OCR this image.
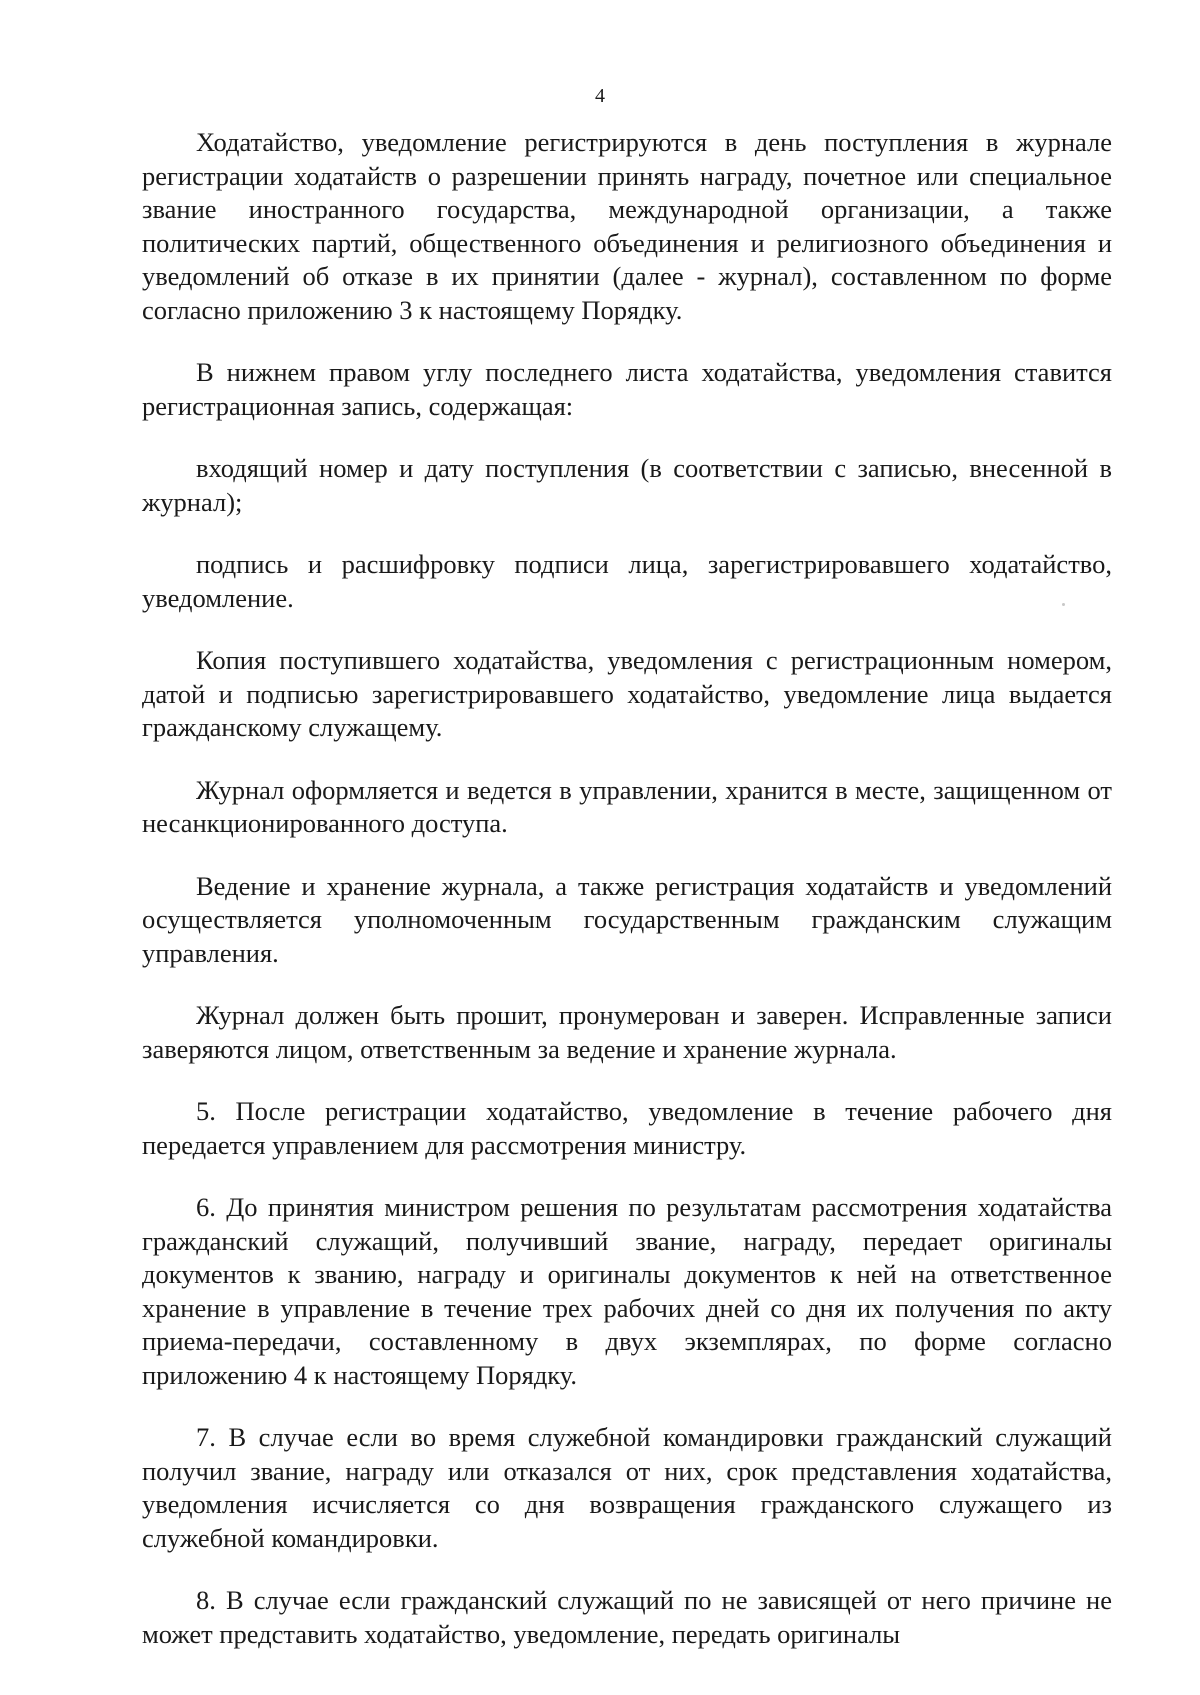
4

Ходатайство, уведомление регистрируются в день поступления в журнале регистрации ходатайств о разрешении принять награду, почетное или специальное звание иностранного государства, международной организации, а также политических партий, общественного объединения и религиозного объединения и уведомлений об отказе в их принятии (далее - журнал), составленном по форме согласно приложению 3 к настоящему Порядку.

В нижнем правом углу последнего листа ходатайства, уведомления ставится регистрационная запись, содержащая:

входящий номер и дату поступления (в соответствии с записью, внесенной в журнал);

подпись и расшифровку подписи лица, зарегистрировавшего ходатайство, уведомление.

Копия поступившего ходатайства, уведомления с регистрационным номером, датой и подписью зарегистрировавшего ходатайство, уведомление лица выдается гражданскому служащему.

Журнал оформляется и ведется в управлении, хранится в месте, защищенном от несанкционированного доступа.

Ведение и хранение журнала, а также регистрация ходатайств и уведомлений осуществляется уполномоченным государственным гражданским служащим управления.

Журнал должен быть прошит, пронумерован и заверен. Исправленные записи заверяются лицом, ответственным за ведение и хранение журнала.

5. После регистрации ходатайство, уведомление в течение рабочего дня передается управлением для рассмотрения министру.

6. До принятия министром решения по результатам рассмотрения ходатайства гражданский служащий, получивший звание, награду, передает оригиналы документов к званию, награду и оригиналы документов к ней на ответственное хранение в управление в течение трех рабочих дней со дня их получения по акту приема-передачи, составленному в двух экземплярах, по форме согласно приложению 4 к настоящему Порядку.

7. В случае если во время служебной командировки гражданский служащий получил звание, награду или отказался от них, срок представления ходатайства, уведомления исчисляется со дня возвращения гражданского служащего из служебной командировки.

8. В случае если гражданский служащий по не зависящей от него причине не может представить ходатайство, уведомление, передать оригиналы
